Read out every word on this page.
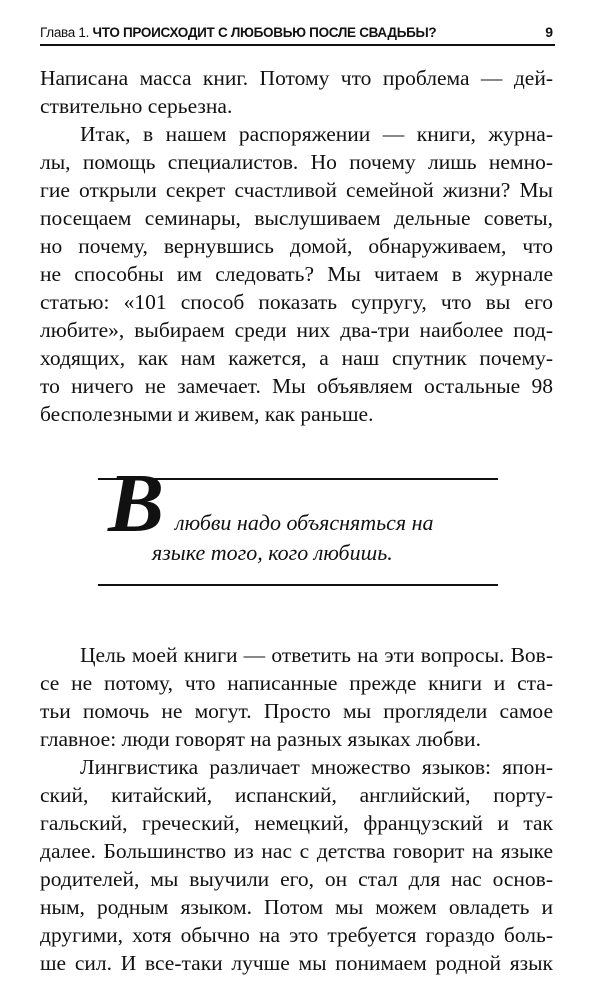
Глава 1. ЧТО ПРОИСХОДИТ С ЛЮБОВЬЮ ПОСЛЕ СВАДЬБЫ?	9
Написана масса книг. Потому что проблема — дей-
ствительно серьезна.
Итак, в нашем распоряжении — книги, журна-
лы, помощь специалистов. Но почему лишь немно-
гие открыли секрет счастливой семейной жизни? Мы
посещаем семинары, выслушиваем дельные советы,
но почему, вернувшись домой, обнаруживаем, что
не способны им следовать? Мы читаем в журнале
статью: «101 способ показать супругу, что вы его
любите», выбираем среди них два-три наиболее под-
ходящих, как нам кажется, а наш спутник почему-
то ничего не замечает. Мы объявляем остальные 98
бесполезными и живем, как раньше.
В любви надо объясняться на
языке того, кого любишь.
Цель моей книги — ответить на эти вопросы. Вов-
се не потому, что написанные прежде книги и ста-
тьи помочь не могут. Просто мы проглядели самое
главное: люди говорят на разных языках любви.
Лингвистика различает множество языков: япон-
ский, китайский, испанский, английский, порту-
гальский, греческий, немецкий, французский и так
далее. Большинство из нас с детства говорит на языке
родителей, мы выучили его, он стал для нас основ-
ным, родным языком. Потом мы можем овладеть и
другими, хотя обычно на это требуется гораздо боль-
ше сил. И все-таки лучше мы понимаем родной язык
